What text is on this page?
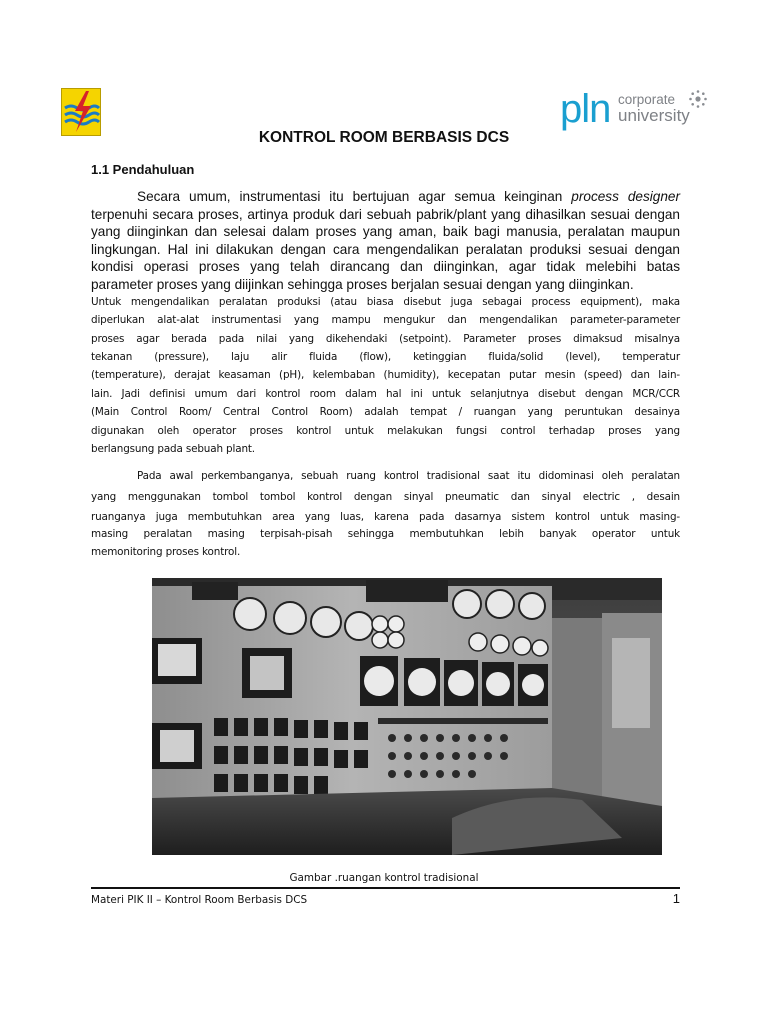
pln corporate
university
KONTROL ROOM BERBASIS DCS
1.1 Pendahuluan
Secara umum, instrumentasi itu bertujuan agar semua keinginan process designer
terpenuhi secara proses, artinya produk dari sebuah pabrik/plant yang dihasilkan sesuai dengan
yang diinginkan dan selesai dalam proses yang aman, baik bagi manusia, peralatan maupun
lingkungan. Hal ini dilakukan dengan cara mengendalikan peralatan produksi sesuai dengan
kondisi operasi proses yang telah dirancang dan diinginkan, agar tidak melebihi batas
parameter proses yang diijinkan sehingga proses berjalan sesuai dengan yang diinginkan.
Untuk mengendalikan peralatan produksi (atau biasa disebut juga sebagai process equipment), maka
diperlukan alat-alat instrumentasi yang mampu mengukur dan mengendalikan parameter-parameter
proses agar berada pada nilai yang dikehendaki (setpoint). Parameter proses dimaksud misalnya
tekanan (pressure), laju alir fluida (flow), ketinggian fluida/solid (level), temperatur
(temperature), derajat keasaman (pH), kelembaban (humidity), kecepatan putar mesin (speed) dan lain-
lain. Jadi definisi umum dari kontrol room dalam hal ini untuk selanjutnya disebut dengan MCR/CCR
(Main Control Room/ Central Control Room) adalah tempat / ruangan yang peruntukan desainya
digunakan oleh operator proses kontrol untuk melakukan fungsi control terhadap proses yang
berlangsung pada sebuah plant.
Pada awal perkembanganya, sebuah ruang kontrol tradisional saat itu didominasi oleh peralatan
yang menggunakan tombol tombol kontrol dengan sinyal pneumatic dan sinyal electric , desain
ruanganya juga membutuhkan area yang luas, karena pada dasarnya sistem kontrol untuk masing-
masing peralatan masing terpisah-pisah sehingga membutuhkan lebih banyak operator untuk
memonitoring proses kontrol.
Gambar .ruangan kontrol tradisional
Materi PIK II – Kontrol Room Berbasis DCS	1
